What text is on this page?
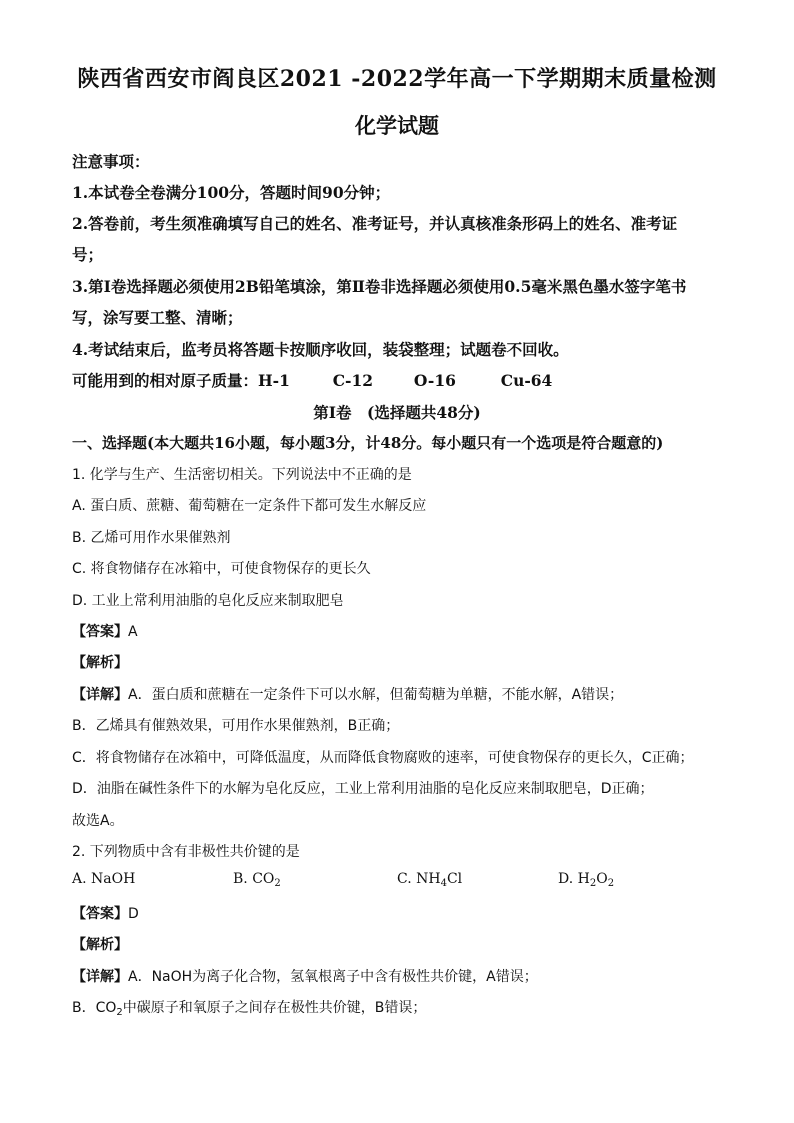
陕西省西安市阎良区2021 -2022学年高一下学期期末质量检测
化学试题
注意事项：
1.本试卷全卷满分100分，答题时间90分钟；
2.答卷前，考生须准确填写自己的姓名、准考证号，并认真核准条形码上的姓名、准考证
号；
3.第Ⅰ卷选择题必须使用2B铅笔填涂，第Ⅱ卷非选择题必须使用0.5毫米黑色墨水签字笔书
写，涂写要工整、清晰；
4.考试结束后，监考员将答题卡按顺序收回，装袋整理；试题卷不回收。
可能用到的相对原子质量：H-1	C-12	O-16	Cu-64
第Ⅰ卷　(选择题共48分)
一、选择题(本大题共16小题，每小题3分，计48分。每小题只有一个选项是符合题意的)
1. 化学与生产、生活密切相关。下列说法中不正确的是
A. 蛋白质、蔗糖、葡萄糖在一定条件下都可发生水解反应
B. 乙烯可用作水果催熟剂
C. 将食物储存在冰箱中，可使食物保存的更长久
D. 工业上常利用油脂的皂化反应来制取肥皂
【答案】A
【解析】
【详解】A．蛋白质和蔗糖在一定条件下可以水解，但葡萄糖为单糖，不能水解，A错误；
B．乙烯具有催熟效果，可用作水果催熟剂，B正确；
C．将食物储存在冰箱中，可降低温度，从而降低食物腐败的速率，可使食物保存的更长久，C正确；
D．油脂在碱性条件下的水解为皂化反应，工业上常利用油脂的皂化反应来制取肥皂，D正确；
故选A。
2. 下列物质中含有非极性共价键的是
A. NaOH	B. $CO_2$	C. $NH_4Cl$	D. $H_2O_2$
【答案】D
【解析】
【详解】A．NaOH为离子化合物，氢氧根离子中含有极性共价键，A错误；
B．$CO_2$中碳原子和氧原子之间存在极性共价键，B错误；
